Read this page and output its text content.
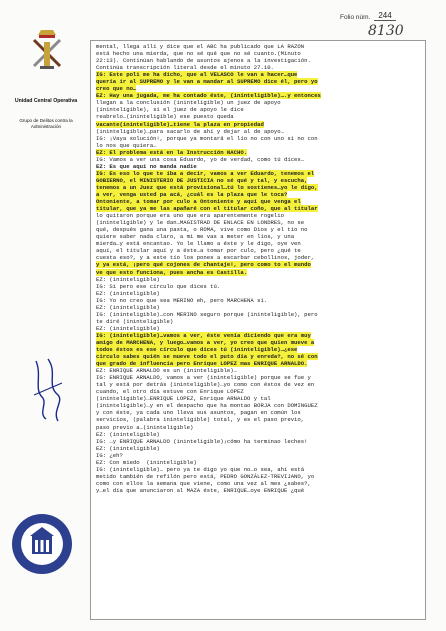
Unidad Central Operativa
Grupo de Delitos contra la Administración
Folio núm. 244
8130
mental, llega allí y dice que el ABC ha publicado que LA RAZON
está hecho una mierda, que no sé qué que no sé cuanto.(Minuto
22:13). Continúan hablando de asuntos ajenos a la investigación.
Continúa transcripción literal desde el minuto 27.10.
IG: Este poli me ha dicho, que al VELASCO le van a hacer…que
quería ir al SUPREMO y le van a mandar al SUPREMO dice él, pero yo
creo que no…
EZ: Hay una jugada, me ha contado éste, (ininteligible)….y entonces
llegan a la conclusión (ininteligible) un juez de apoyo
(ininteligible), si el juez de apoyo le dice
reabrelo…(ininteligible) ese puesto queda
vacante(ininteligible)…tiene la plaza en propiedad
(ininteligible)…para sacarlo de ahí y dejar al de apoyo…
IG: ¡Vaya solución!, porque ya montará el lío no con uno si no con
lo nos que quiera…
EZ: El problema está en la Instrucción NACHO.
IG: Vamos a ver una cosa Eduardo, yo de verdad, como tú dices…
EZ: Es que aquí no manda nadie
IG: Es eso lo que te iba a decir, vamos a ver Eduardo, tenemos el
GOBIERNO, el MINISTERIO DE JUSTICIA no sé qué y tal, y escucha,
tenemos a un Juez que está provisional…tú lo sostienes…yo le digo,
a ver, venga usted pa acá, ¿cuál es la plaza que le toca?
Ontoniente, a tomar por culo a Ontoniente y aquí que venga el
titular, que ya me las apañaré con el titular coño, que al titular
lo quitaron porque era uno que era aparentemente rogelio
(ininteligible) y le dan…MAGISTRAD DE ENLACE EN LONDRES, no se
qué, después gana una pasta, o ROMA, vive como Dios y el tío no
quiere saber nada claro, a mi me vas a meter en líos, y una
mierda…y está encantao. Yo le llamo a éste y le digo, oye ven
aquí, el titular aquí y a éste…a tomar por culo, pero ¿qué te
cuesta eso?, y a este tío los pones a escarbar cebollinos, joder,
y ya está, ¡pero qué cojones de chantaje!, pero como to el mundo
ve que esto funciona, pues ancha es Castilla.
EZ: (ininteligible)
IG: Sí pero ese círculo que dices tú.
EZ: (ininteligible)
IG: Yo no creo que sea MERINO eh, pero MARCHENA sí.
EZ: (ininteligible)
IG: (ininteligible)…con MERINO seguro porque (ininteligible), pero
te diré (ininteligible)
EZ: (ininteligible)
IG: (ininteligible)…vamos a ver, éste venía diciendo que era muy
amigo de MARCHENA, y luego…vamos a ver, yo creo que quien mueve a
todos éstos es ese círculo que dices tú (ininteligible)…¿ese
círculo sabes quién se mueve todo el puto día y enreda?, no sé con
que grado de influencia pero Enrique LOPEZ mas ENRIQUE ARNALDO.
EZ: ENRIQUE ARNALDO es un (ininteligible)…
IG: ENRIQUE ARNALDO, vamos a ver (ininteligible) porque se fue y
tal y está por detrás (ininteligible)…yo como con éstos de vez en
cuando, el otro día estuve con Enrique LOPEZ
(ininteligible)…ENRIQUE LOPEZ, Enrique ARNALDO y tal
(ininteligible)…y en el despacho que ha montao BORJA con DOMINGUEZ
y con éste, ya cada uno lleva sus asuntos, pagan en común los
servicios, (palabra ininteligible) total, y es el paso previo,
paso previo a…(ininteligible)
EZ: (ininteligible)
IG: …y ENRIQUE ARNALDO (ininteligible)¡cómo ha terminao leches!
EZ: (ininteligible)
IG: ¿eh?
EZ: Con miedo  (ininteligible)
IG: (ininteligible)… pero ya te digo yo que no…o sea, ahí está
metido también de refilón pero está, PEDRO GONZÁLEZ-TREVIJANO, yo
como con ellos la semana que viene, como una vez al mes ¿sabes?,
y…el día que anunciaron al MAZA éste, ENRIQUE…oye ENRIQUE ¿qué
